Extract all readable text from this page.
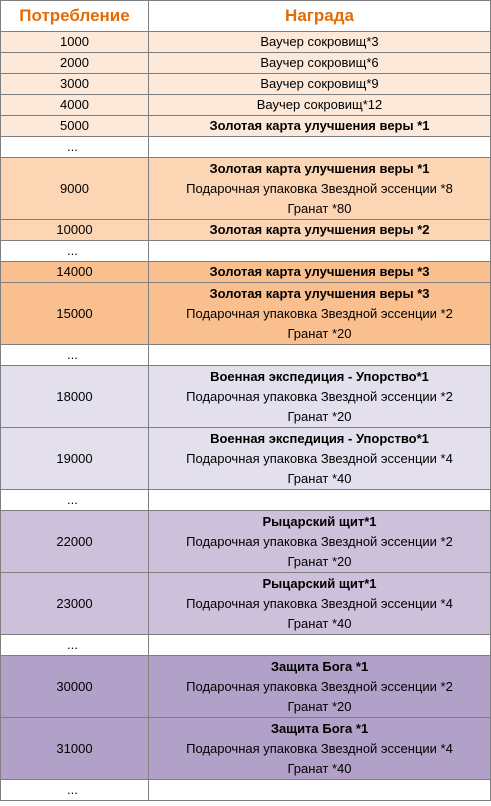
Потребление	Награда
1000	Ваучер сокровищ*3

2000	Ваучер сокровищ*6

3000	Ваучер сокровищ*9

4000	Ваучер сокровищ*12

5000	Золотая карта улучшения веры *1

...	
9000	Золотая карта улучшения веры *1
Подарочная упаковка Звездной эссенции *8
Гранат *80

10000	Золотая карта улучшения веры *2

...	
14000	Золотая карта улучшения веры *3

15000	Золотая карта улучшения веры *3
Подарочная упаковка Звездной эссенции *2
Гранат *20

...	
18000	Военная экспедиция - Упорство*1
Подарочная упаковка Звездной эссенции *2
Гранат *20

19000	Военная экспедиция - Упорство*1
Подарочная упаковка Звездной эссенции *4
Гранат *40

...	
22000	Рыцарский щит*1
Подарочная упаковка Звездной эссенции *2
Гранат *20

23000	Рыцарский щит*1
Подарочная упаковка Звездной эссенции *4
Гранат *40

...	
30000	Защита Бога *1
Подарочная упаковка Звездной эссенции *2
Гранат *20

31000	Защита Бога *1
Подарочная упаковка Звездной эссенции *4
Гранат *40

...	
